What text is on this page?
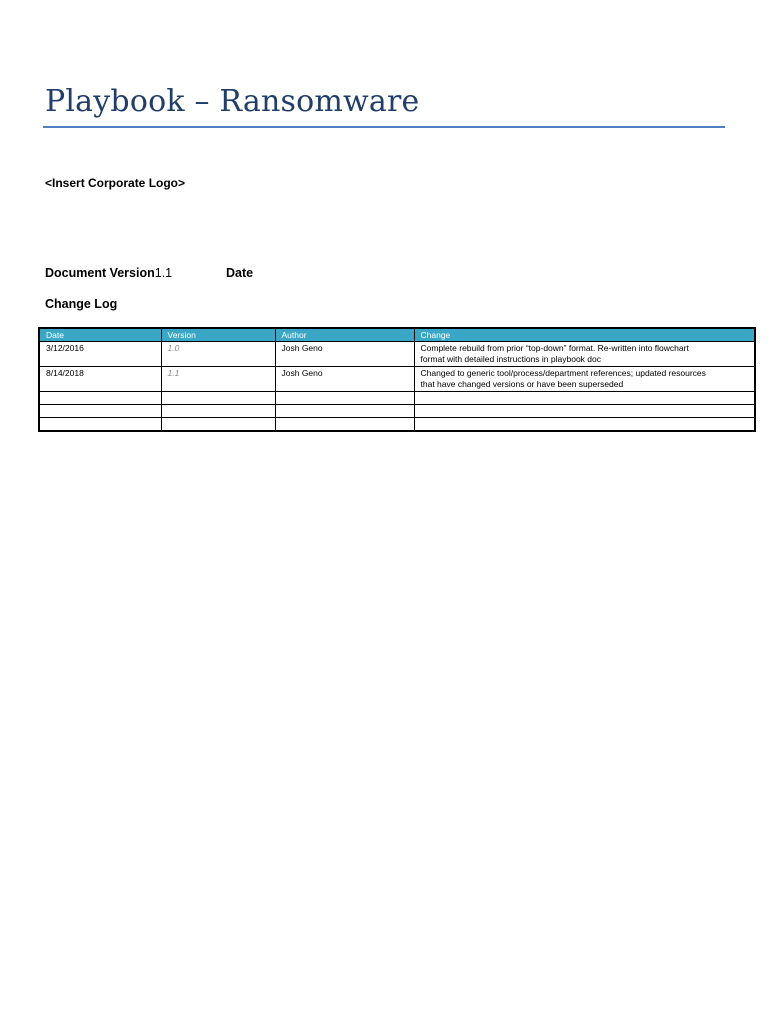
Playbook – Ransomware
<Insert Corporate Logo>
Document Version1.1	Date
Change Log
Date	Version	Author	Change
3/12/2016	1.0	Josh Geno	Complete rebuild from prior “top-down” format. Re-written into flowchart
format with detailed instructions in playbook doc

8/14/2018	1.1	Josh Geno	Changed to generic tool/process/department references; updated resources
that have changed versions or have been superseded
